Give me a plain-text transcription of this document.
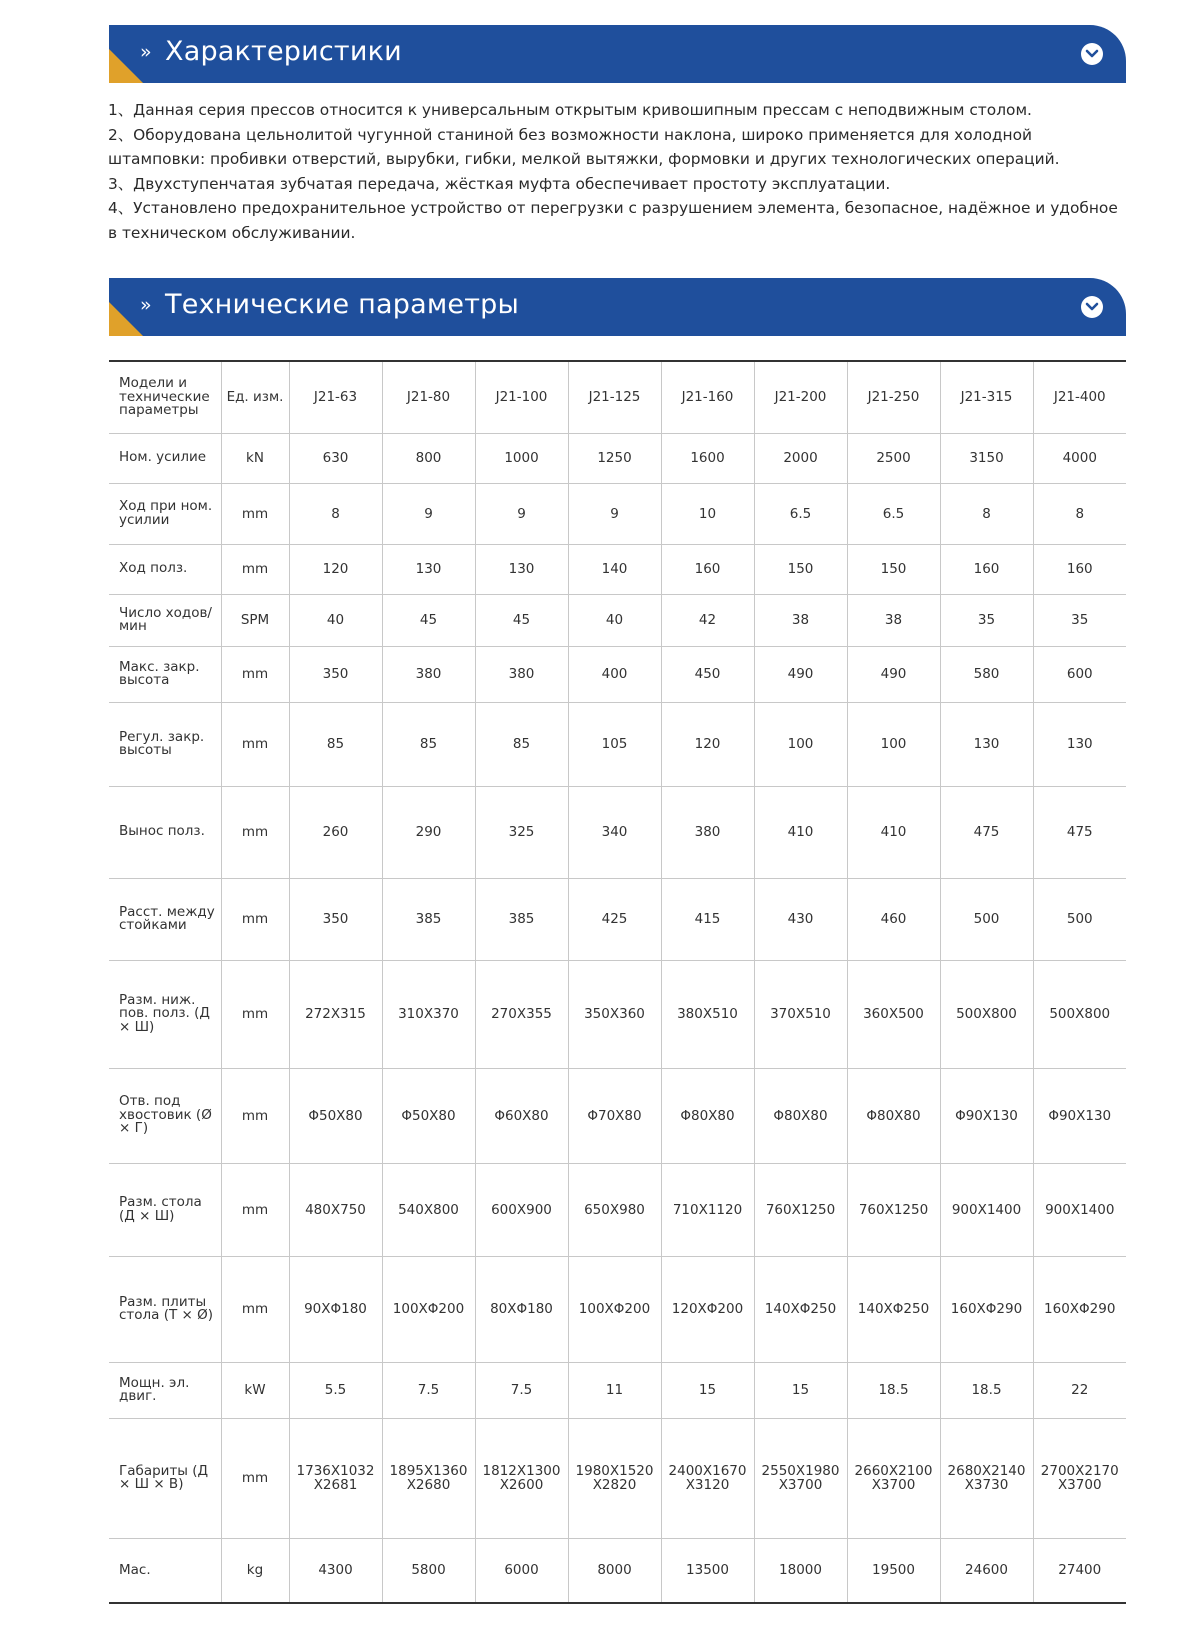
» Характеристики

1、Данная серия прессов относится к универсальным открытым кривошипным прессам с неподвижным столом.

2、Оборудована цельнолитой чугунной станиной без возможности наклона, широко применяется для холодной штамповки: пробивки отверстий, вырубки, гибки, мелкой вытяжки, формовки и других технологических операций.

3、Двухступенчатая зубчатая передача, жёсткая муфта обеспечивает простоту эксплуатации.

4、Установлено предохранительное устройство от перегрузки с разрушением элемента, безопасное, надёжное и удобное в техническом обслуживании.

» Технические параметры
Модели и технические параметры	Ед. изм.	J21-63	J21-80	J21-100	J21-125	J21-160	J21-200	J21-250	J21-315	J21-400
Ном. усилие	kN	630	800	1000	1250	1600	2000	2500	3150	4000
Ход при ном. усилии	mm	8	9	9	9	10	6.5	6.5	8	8
Ход полз.	mm	120	130	130	140	160	150	150	160	160
Число ходов/мин	SPM	40	45	45	40	42	38	38	35	35
Макс. закр. высота	mm	350	380	380	400	450	490	490	580	600
Регул. закр. высоты	mm	85	85	85	105	120	100	100	130	130
Вынос полз.	mm	260	290	325	340	380	410	410	475	475
Расст. между стойками	mm	350	385	385	425	415	430	460	500	500
Разм. ниж. пов. полз. (Д × Ш)	mm	272X315	310X370	270X355	350X360	380X510	370X510	360X500	500X800	500X800
Отв. под хвостовик (Ø × Г)	mm	Φ50X80	Φ50X80	Φ60X80	Φ70X80	Φ80X80	Φ80X80	Φ80X80	Φ90X130	Φ90X130
Разм. стола (Д × Ш)	mm	480X750	540X800	600X900	650X980	710X1120	760X1250	760X1250	900X1400	900X1400
Разм. плиты стола (Т × Ø)	mm	90XΦ180	100XΦ200	80XΦ180	100XΦ200	120XΦ200	140XΦ250	140XΦ250	160XΦ290	160XΦ290
Мощн. эл. двиг.	kW	5.5	7.5	7.5	11	15	15	18.5	18.5	22
Габариты (Д × Ш × В)	mm	1736X1032 X2681	1895X1360 X2680	1812X1300 X2600	1980X1520 X2820	2400X1670 X3120	2550X1980 X3700	2660X2100 X3700	2680X2140 X3730	2700X2170 X3700
Мас.	kg	4300	5800	6000	8000	13500	18000	19500	24600	27400
